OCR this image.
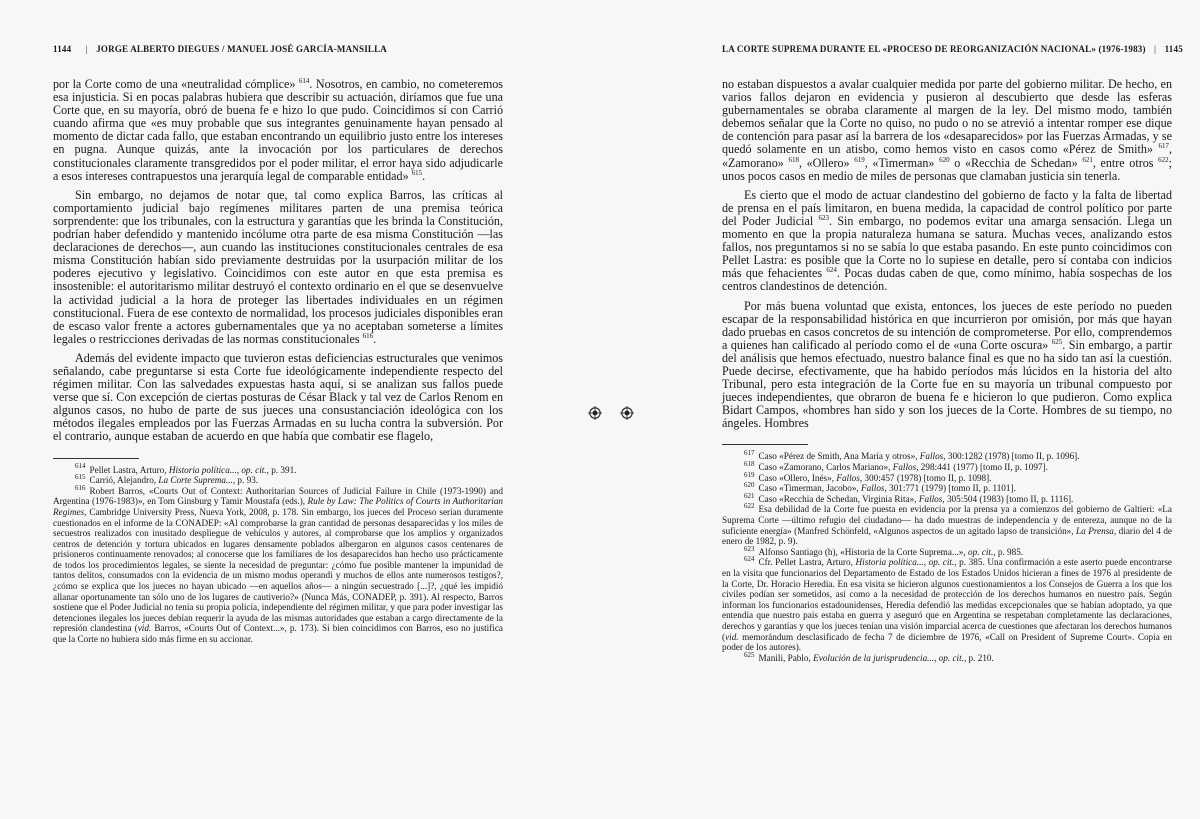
1144 | JORGE ALBERTO DIEGUES / MANUEL JOSÉ GARCÍA-MANSILLA

por la Corte como de una «neutralidad cómplice» $^{614}$. Nosotros, en cambio, no cometeremos esa injusticia. Si en pocas palabras hubiera que describir su actuación, diríamos que fue una Corte que, en su mayoría, obró de buena fe e hizo lo que pudo. Coincidimos sí con Carrió cuando afirma que «es muy probable que sus integrantes genuinamente hayan pensado al momento de dictar cada fallo, que estaban encontrando un equilibrio justo entre los intereses en pugna. Aunque quizás, ante la invocación por los particulares de derechos constitucionales claramente transgredidos por el poder militar, el error haya sido adjudicarle a esos intereses contrapuestos una jerarquía legal de comparable entidad» $^{615}$.

Sin embargo, no dejamos de notar que, tal como explica Barros, las críticas al comportamiento judicial bajo regímenes militares parten de una premisa teórica sorprendente: que los tribunales, con la estructura y garantías que les brinda la Constitución, podrían haber defendido y mantenido incólume otra parte de esa misma Constitución —las declaraciones de derechos—, aun cuando las instituciones constitucionales centrales de esa misma Constitución habían sido previamente destruidas por la usurpación militar de los poderes ejecutivo y legislativo. Coincidimos con este autor en que esta premisa es insostenible: el autoritarismo militar destruyó el contexto ordinario en el que se desenvuelve la actividad judicial a la hora de proteger las libertades individuales en un régimen constitucional. Fuera de ese contexto de normalidad, los procesos judiciales disponibles eran de escaso valor frente a actores gubernamentales que ya no aceptaban someterse a límites legales o restricciones derivadas de las normas constitucionales $^{616}$.

Además del evidente impacto que tuvieron estas deficiencias estructurales que venimos señalando, cabe preguntarse si esta Corte fue ideológicamente independiente respecto del régimen militar. Con las salvedades expuestas hasta aquí, si se analizan sus fallos puede verse que sí. Con excepción de ciertas posturas de César Black y tal vez de Carlos Renom en algunos casos, no hubo de parte de sus jueces una consustanciación ideológica con los métodos ilegales empleados por las Fuerzas Armadas en su lucha contra la subversión. Por el contrario, aunque estaban de acuerdo en que había que combatir ese flagelo,

$^{614}$ Pellet Lastra, Arturo, Historia política..., op. cit., p. 391.

$^{615}$ Carrió, Alejandro, La Corte Suprema..., p. 93.

$^{616}$ Robert Barros, «Courts Out of Context: Authoritarian Sources of Judicial Failure in Chile (1973-1990) and Argentina (1976-1983)», en Tom Ginsburg y Tamir Moustafa (eds.), Rule by Law: The Politics of Courts in Authoritarian Regimes, Cambridge University Press, Nueva York, 2008, p. 178. Sin embargo, los jueces del Proceso serían duramente cuestionados en el informe de la CONADEP: «Al comprobarse la gran cantidad de personas desaparecidas y los miles de secuestros realizados con inusitado despliegue de vehículos y autores, al comprobarse que los amplios y organizados centros de detención y tortura ubicados en lugares densamente poblados albergaron en algunos casos centenares de prisioneros continuamente renovados; al conocerse que los familiares de los desaparecidos han hecho uso prácticamente de todos los procedimientos legales, se siente la necesidad de preguntar: ¿cómo fue posible mantener la impunidad de tantos delitos, consumados con la evidencia de un mismo modus operandi y muchos de ellos ante numerosos testigos?, ¿cómo se explica que los jueces no hayan ubicado —en aquellos años— a ningún secuestrado [...]?, ¿qué les impidió allanar oportunamente tan sólo uno de los lugares de cautiverio?» (Nunca Más, CONADEP, p. 391). Al respecto, Barros sostiene que el Poder Judicial no tenía su propia policía, independiente del régimen militar, y que para poder investigar las detenciones ilegales los jueces debían requerir la ayuda de las mismas autoridades que estaban a cargo directamente de la represión clandestina (vid. Barros, «Courts Out of Context...», p. 173). Si bien coincidimos con Barros, eso no justifica que la Corte no hubiera sido más firme en su accionar.

LA CORTE SUPREMA DURANTE EL «PROCESO DE REORGANIZACIÓN NACIONAL» (1976-1983) | 1145

no estaban dispuestos a avalar cualquier medida por parte del gobierno militar. De hecho, en varios fallos dejaron en evidencia y pusieron al descubierto que desde las esferas gubernamentales se obraba claramente al margen de la ley. Del mismo modo, también debemos señalar que la Corte no quiso, no pudo o no se atrevió a intentar romper ese dique de contención para pasar así la barrera de los «desaparecidos» por las Fuerzas Armadas, y se quedó solamente en un atisbo, como hemos visto en casos como «Pérez de Smith» $^{617}$, «Zamorano» $^{618}$, «Ollero» $^{619}$, «Timerman» $^{620}$ o «Recchia de Schedan» $^{621}$, entre otros $^{622}$; unos pocos casos en medio de miles de personas que clamaban justicia sin tenerla.

Es cierto que el modo de actuar clandestino del gobierno de facto y la falta de libertad de prensa en el país limitaron, en buena medida, la capacidad de control político por parte del Poder Judicial $^{623}$. Sin embargo, no podemos evitar una amarga sensación. Llega un momento en que la propia naturaleza humana se satura. Muchas veces, analizando estos fallos, nos preguntamos si no se sabía lo que estaba pasando. En este punto coincidimos con Pellet Lastra: es posible que la Corte no lo supiese en detalle, pero sí contaba con indicios más que fehacientes $^{624}$. Pocas dudas caben de que, como mínimo, había sospechas de los centros clandestinos de detención.

Por más buena voluntad que exista, entonces, los jueces de este período no pueden escapar de la responsabilidad histórica en que incurrieron por omisión, por más que hayan dado pruebas en casos concretos de su intención de comprometerse. Por ello, comprendemos a quienes han calificado al período como el de «una Corte oscura» $^{625}$. Sin embargo, a partir del análisis que hemos efectuado, nuestro balance final es que no ha sido tan así la cuestión. Puede decirse, efectivamente, que ha habido períodos más lúcidos en la historia del alto Tribunal, pero esta integración de la Corte fue en su mayoría un tribunal compuesto por jueces independientes, que obraron de buena fe e hicieron lo que pudieron. Como explica Bidart Campos, «hombres han sido y son los jueces de la Corte. Hombres de su tiempo, no ángeles. Hombres

$^{617}$ Caso «Pérez de Smith, Ana María y otros», Fallos, 300:1282 (1978) [tomo II, p. 1096].

$^{618}$ Caso «Zamorano, Carlos Mariano», Fallos, 298:441 (1977) [tomo II, p. 1097].

$^{619}$ Caso «Ollero, Inés», Fallos, 300:457 (1978) [tomo II, p. 1098].

$^{620}$ Caso «Timerman, Jacobo», Fallos, 301:771 (1979) [tomo II, p. 1101].

$^{621}$ Caso «Recchia de Schedan, Virginia Rita», Fallos, 305:504 (1983) [tomo II, p. 1116].

$^{622}$ Esa debilidad de la Corte fue puesta en evidencia por la prensa ya a comienzos del gobierno de Galtieri: «La Suprema Corte —último refugio del ciudadano— ha dado muestras de independencia y de entereza, aunque no de la suficiente energía» (Manfred Schönfeld, «Algunos aspectos de un agitado lapso de transición», La Prensa, diario del 4 de enero de 1982, p. 9).

$^{623}$ Alfonso Santiago (h), «Historia de la Corte Suprema...», op. cit., p. 985.

$^{624}$ Cfr. Pellet Lastra, Arturo, Historia política..., op. cit., p. 385. Una confirmación a este aserto puede encontrarse en la visita que funcionarios del Departamento de Estado de los Estados Unidos hicieran a fines de 1976 al presidente de la Corte, Dr. Horacio Heredia. En esa visita se hicieron algunos cuestionamientos a los Consejos de Guerra a los que los civiles podían ser sometidos, así como a la necesidad de protección de los derechos humanos en nuestro país. Según informan los funcionarios estadounidenses, Heredia defendió las medidas excepcionales que se habían adoptado, ya que entendía que nuestro país estaba en guerra y aseguró que en Argentina se respetaban completamente las declaraciones, derechos y garantías y que los jueces tenían una visión imparcial acerca de cuestiones que afectaran los derechos humanos (vid. memorándum desclasificado de fecha 7 de diciembre de 1976, «Call on President of Supreme Court». Copia en poder de los autores).

$^{625}$ Manili, Pablo, Evolución de la jurisprudencia..., op. cit., p. 210.
